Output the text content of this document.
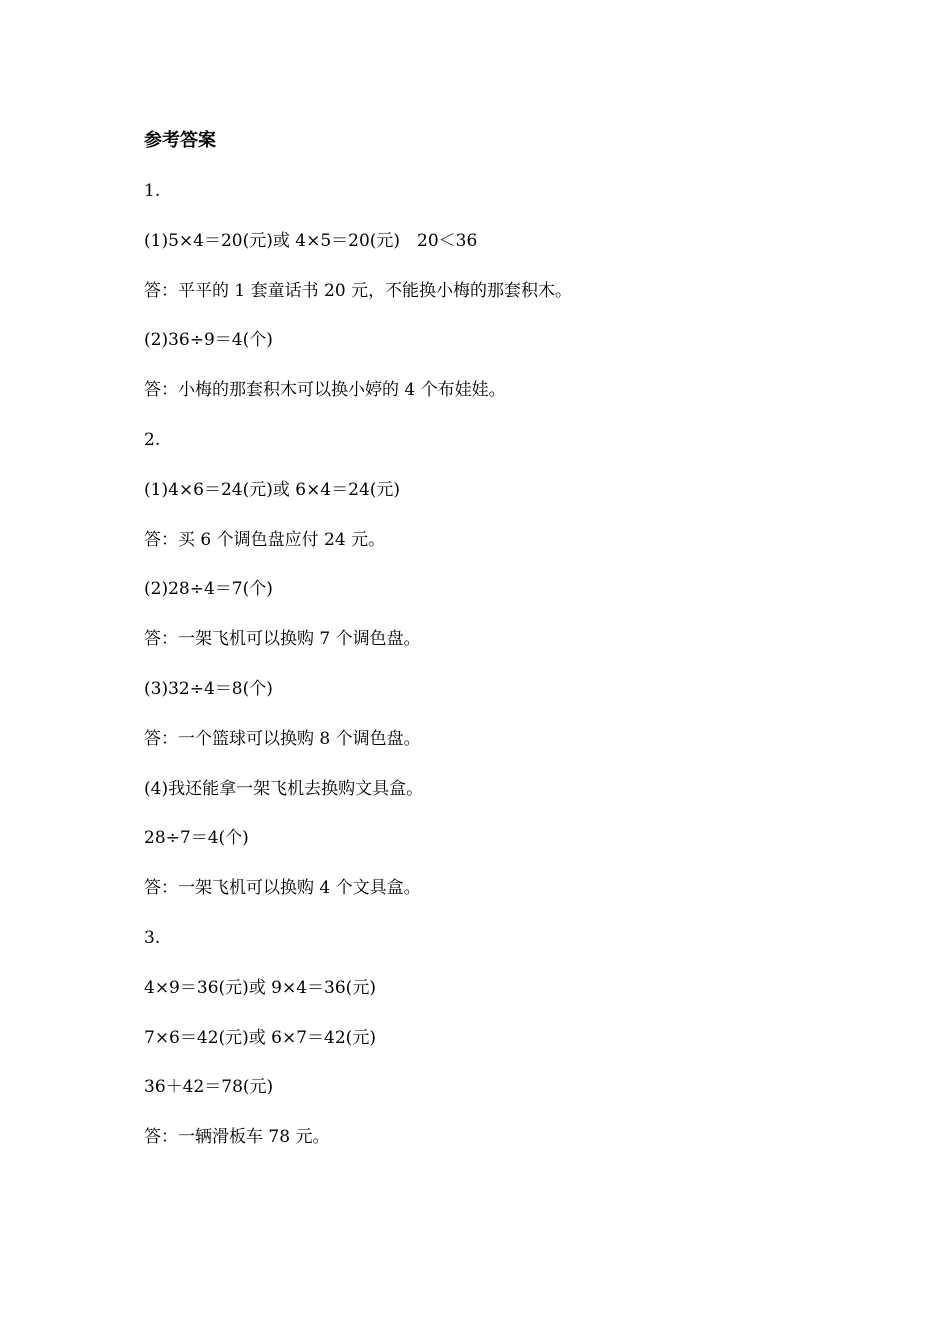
参考答案
1.
(1)5×4＝20(元)或 4×5＝20(元)　20＜36
答：平平的 1 套童话书 20 元，不能换小梅的那套积木。
(2)36÷9＝4(个)
答：小梅的那套积木可以换小婷的 4 个布娃娃。
2.
(1)4×6＝24(元)或 6×4＝24(元)
答：买 6 个调色盘应付 24 元。
(2)28÷4＝7(个)
答：一架飞机可以换购 7 个调色盘。
(3)32÷4＝8(个)
答：一个篮球可以换购 8 个调色盘。
(4)我还能拿一架飞机去换购文具盒。
28÷7＝4(个)
答：一架飞机可以换购 4 个文具盒。
3.
4×9＝36(元)或 9×4＝36(元)
7×6＝42(元)或 6×7＝42(元)
36＋42＝78(元)
答：一辆滑板车 78 元。
